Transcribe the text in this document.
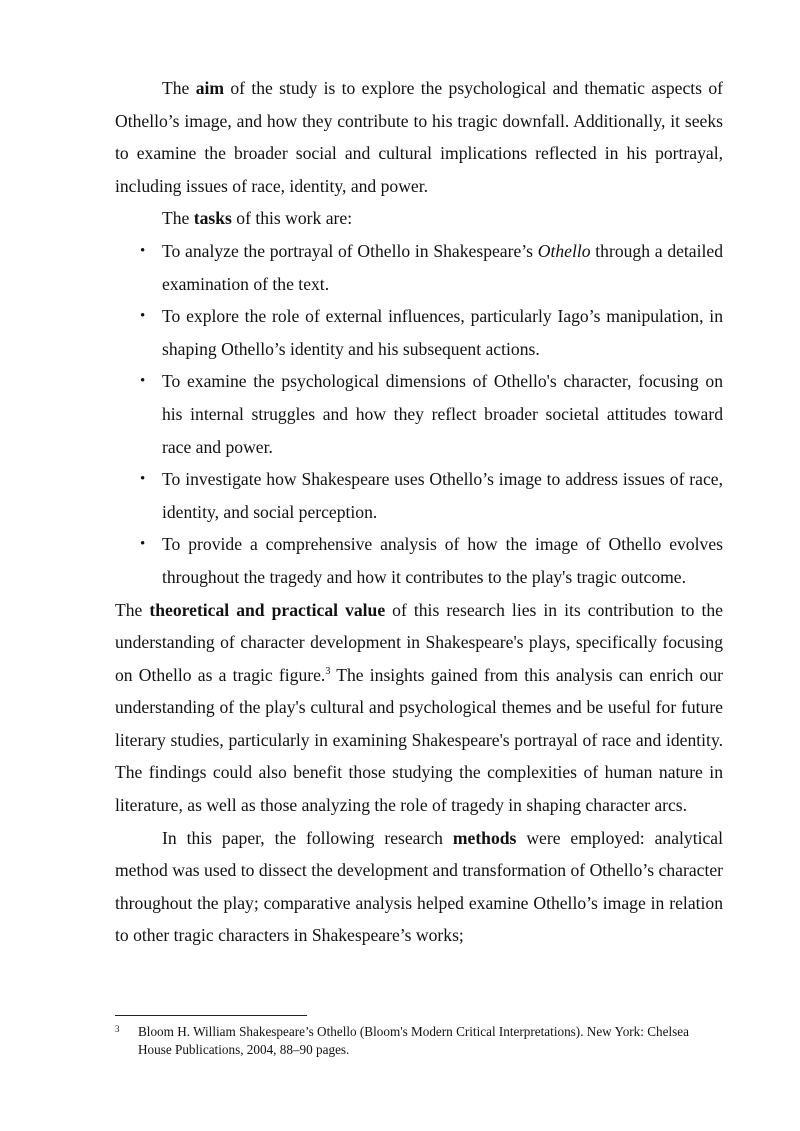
The aim of the study is to explore the psychological and thematic aspects of Othello’s image, and how they contribute to his tragic downfall. Additionally, it seeks to examine the broader social and cultural implications reflected in his portrayal, including issues of race, identity, and power.

The tasks of this work are:

• To analyze the portrayal of Othello in Shakespeare’s Othello through a detailed examination of the text.
• To explore the role of external influences, particularly Iago’s manipulation, in shaping Othello’s identity and his subsequent actions.
• To examine the psychological dimensions of Othello's character, focusing on his internal struggles and how they reflect broader societal attitudes toward race and power.
• To investigate how Shakespeare uses Othello’s image to address issues of race, identity, and social perception.
• To provide a comprehensive analysis of how the image of Othello evolves throughout the tragedy and how it contributes to the play's tragic outcome.

The theoretical and practical value of this research lies in its contribution to the understanding of character development in Shakespeare's plays, specifically focusing on Othello as a tragic figure.$^3$ The insights gained from this analysis can enrich our understanding of the play's cultural and psychological themes and be useful for future literary studies, particularly in examining Shakespeare's portrayal of race and identity. The findings could also benefit those studying the complexities of human nature in literature, as well as those analyzing the role of tragedy in shaping character arcs.

In this paper, the following research methods were employed: analytical method was used to dissect the development and transformation of Othello’s character throughout the play; comparative analysis helped examine Othello’s image in relation to other tragic characters in Shakespeare’s works;

3	Bloom H. William Shakespeare’s Othello (Bloom's Modern Critical Interpretations). New York: Chelsea House Publications, 2004, 88–90 pages.
